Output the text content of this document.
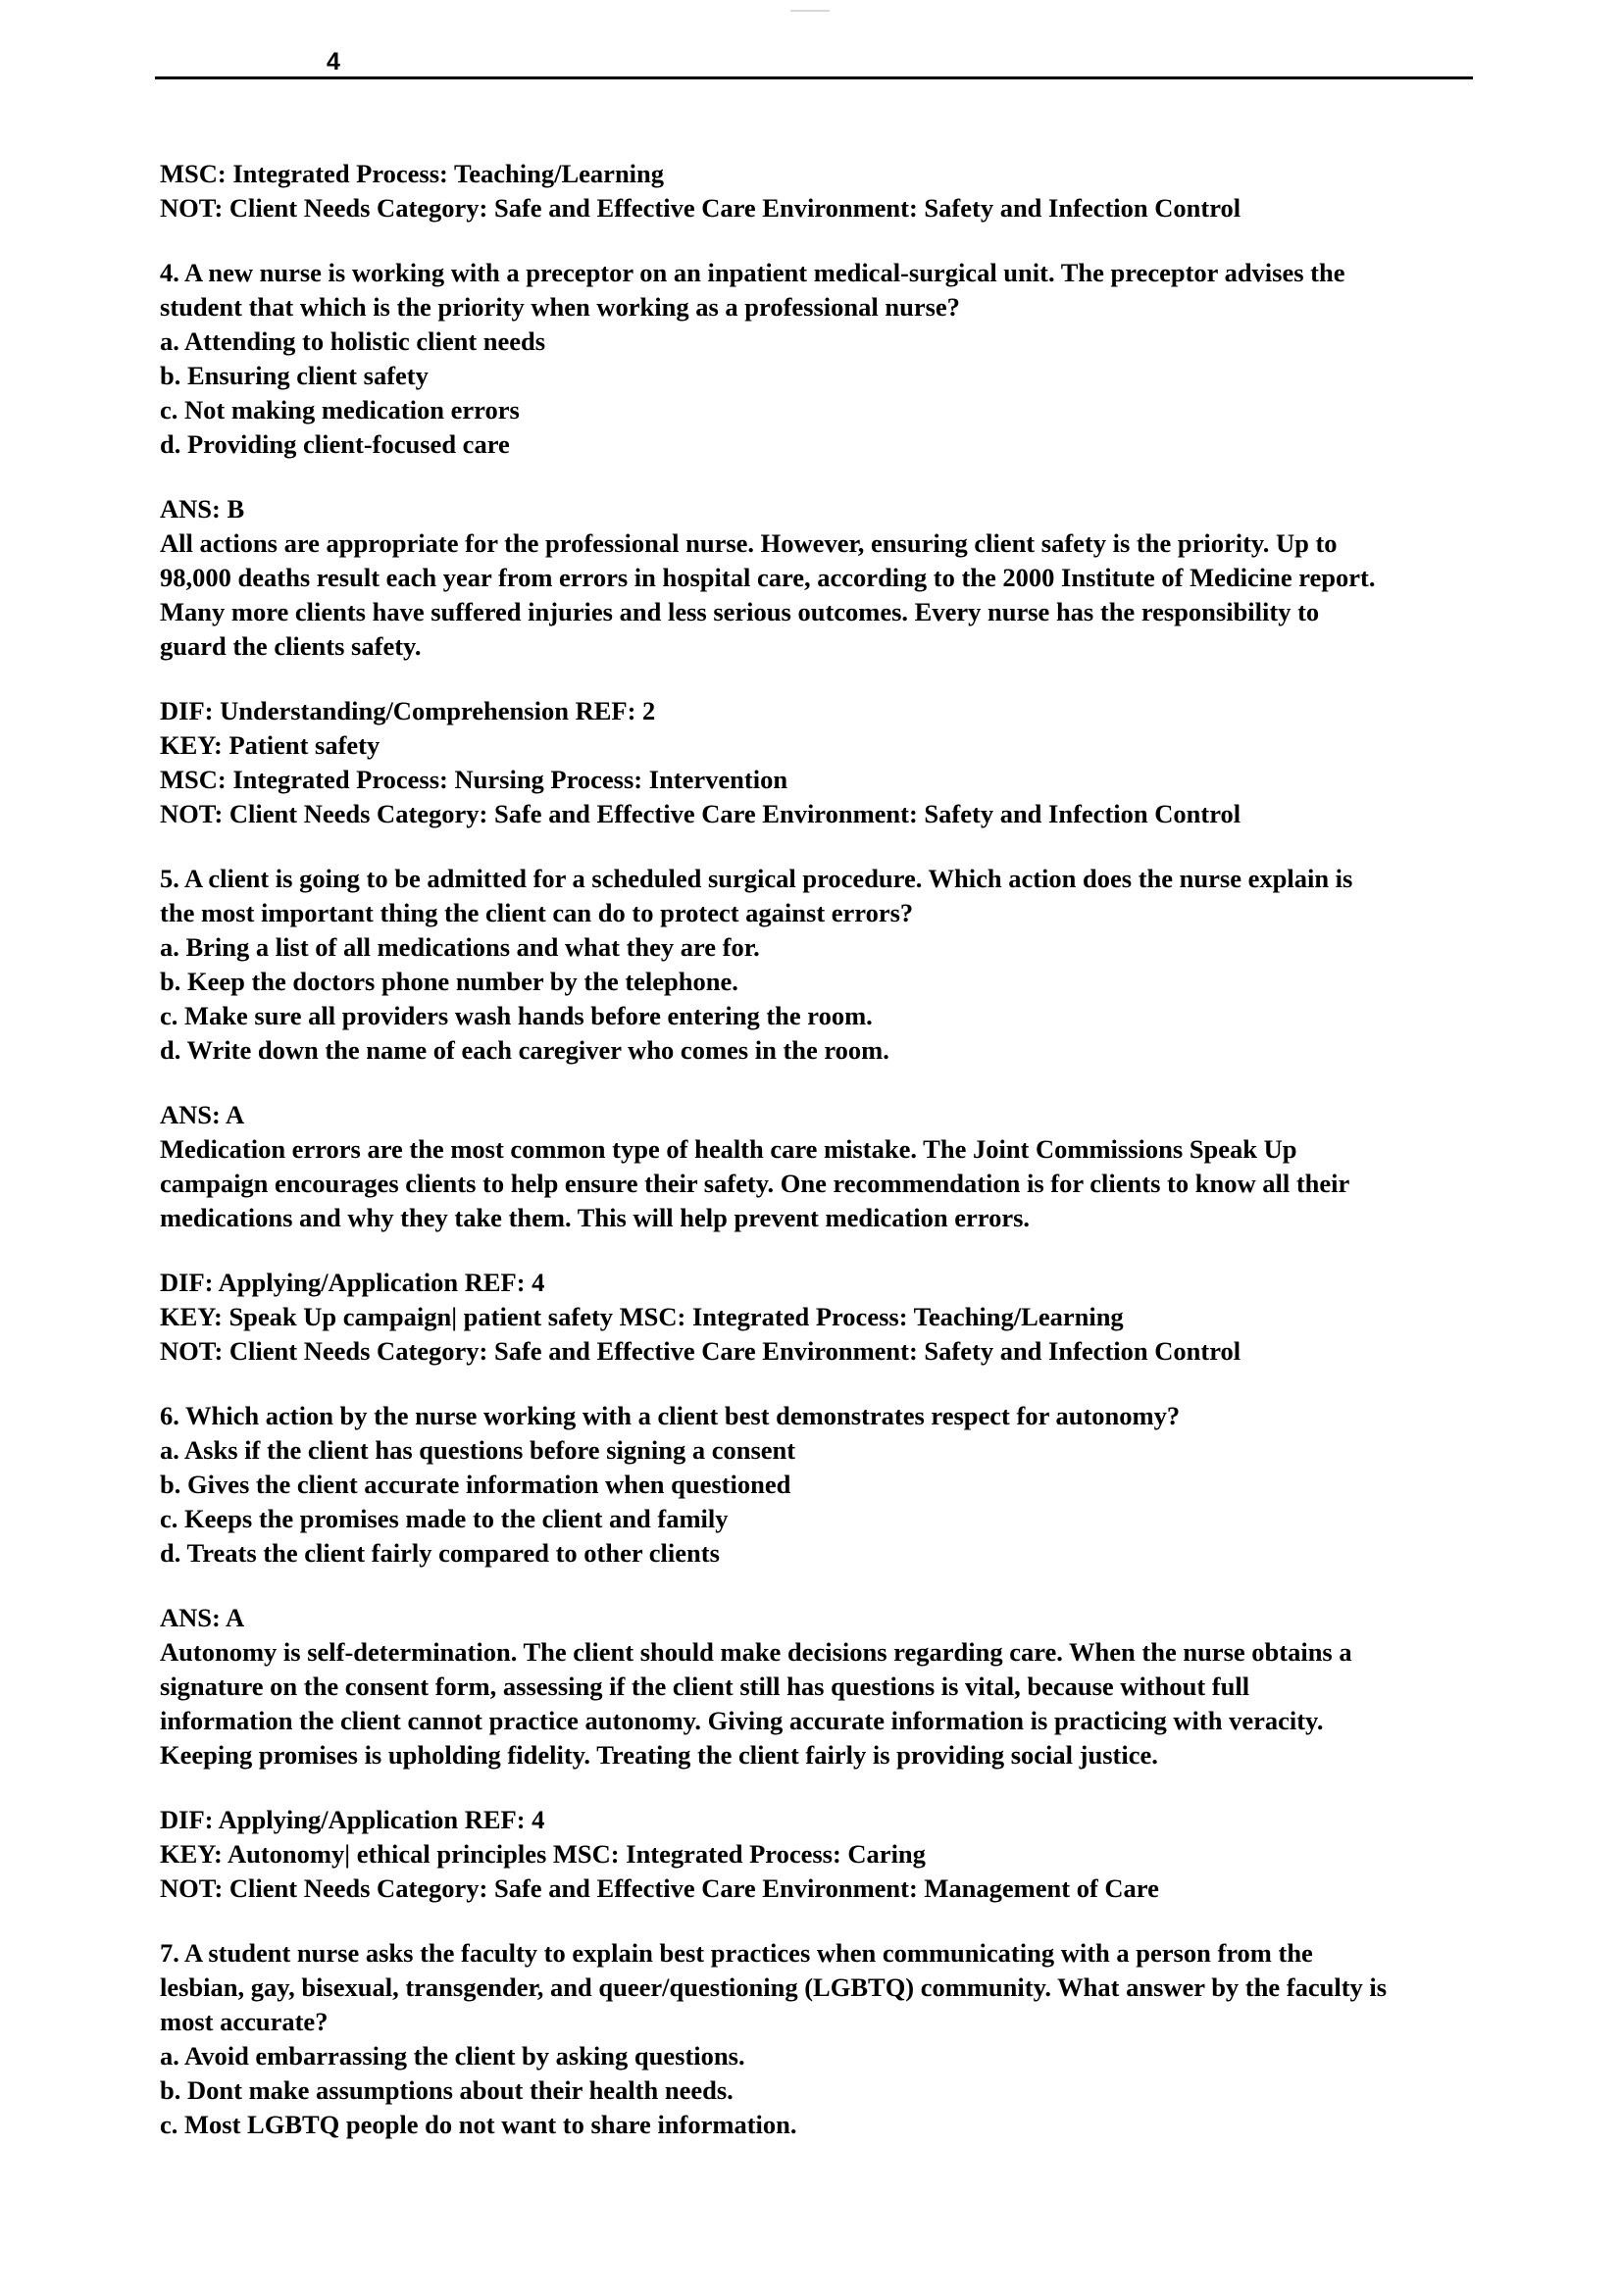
4
MSC: Integrated Process: Teaching/Learning
NOT: Client Needs Category: Safe and Effective Care Environment: Safety and Infection Control
4. A new nurse is working with a preceptor on an inpatient medical-surgical unit. The preceptor advises the
student that which is the priority when working as a professional nurse?
a. Attending to holistic client needs
b. Ensuring client safety
c. Not making medication errors
d. Providing client-focused care
ANS: B
All actions are appropriate for the professional nurse. However, ensuring client safety is the priority. Up to
98,000 deaths result each year from errors in hospital care, according to the 2000 Institute of Medicine report.
Many more clients have suffered injuries and less serious outcomes. Every nurse has the responsibility to
guard the clients safety.
DIF: Understanding/Comprehension REF: 2
KEY: Patient safety
MSC: Integrated Process: Nursing Process: Intervention
NOT: Client Needs Category: Safe and Effective Care Environment: Safety and Infection Control
5. A client is going to be admitted for a scheduled surgical procedure. Which action does the nurse explain is
the most important thing the client can do to protect against errors?
a. Bring a list of all medications and what they are for.
b. Keep the doctors phone number by the telephone.
c. Make sure all providers wash hands before entering the room.
d. Write down the name of each caregiver who comes in the room.
ANS: A
Medication errors are the most common type of health care mistake. The Joint Commissions Speak Up
campaign encourages clients to help ensure their safety. One recommendation is for clients to know all their
medications and why they take them. This will help prevent medication errors.
DIF: Applying/Application REF: 4
KEY: Speak Up campaign| patient safety MSC: Integrated Process: Teaching/Learning
NOT: Client Needs Category: Safe and Effective Care Environment: Safety and Infection Control
6. Which action by the nurse working with a client best demonstrates respect for autonomy?
a. Asks if the client has questions before signing a consent
b. Gives the client accurate information when questioned
c. Keeps the promises made to the client and family
d. Treats the client fairly compared to other clients
ANS: A
Autonomy is self-determination. The client should make decisions regarding care. When the nurse obtains a
signature on the consent form, assessing if the client still has questions is vital, because without full
information the client cannot practice autonomy. Giving accurate information is practicing with veracity.
Keeping promises is upholding fidelity. Treating the client fairly is providing social justice.
DIF: Applying/Application REF: 4
KEY: Autonomy| ethical principles MSC: Integrated Process: Caring
NOT: Client Needs Category: Safe and Effective Care Environment: Management of Care
7. A student nurse asks the faculty to explain best practices when communicating with a person from the
lesbian, gay, bisexual, transgender, and queer/questioning (LGBTQ) community. What answer by the faculty is
most accurate?
a. Avoid embarrassing the client by asking questions.
b. Dont make assumptions about their health needs.
c. Most LGBTQ people do not want to share information.
